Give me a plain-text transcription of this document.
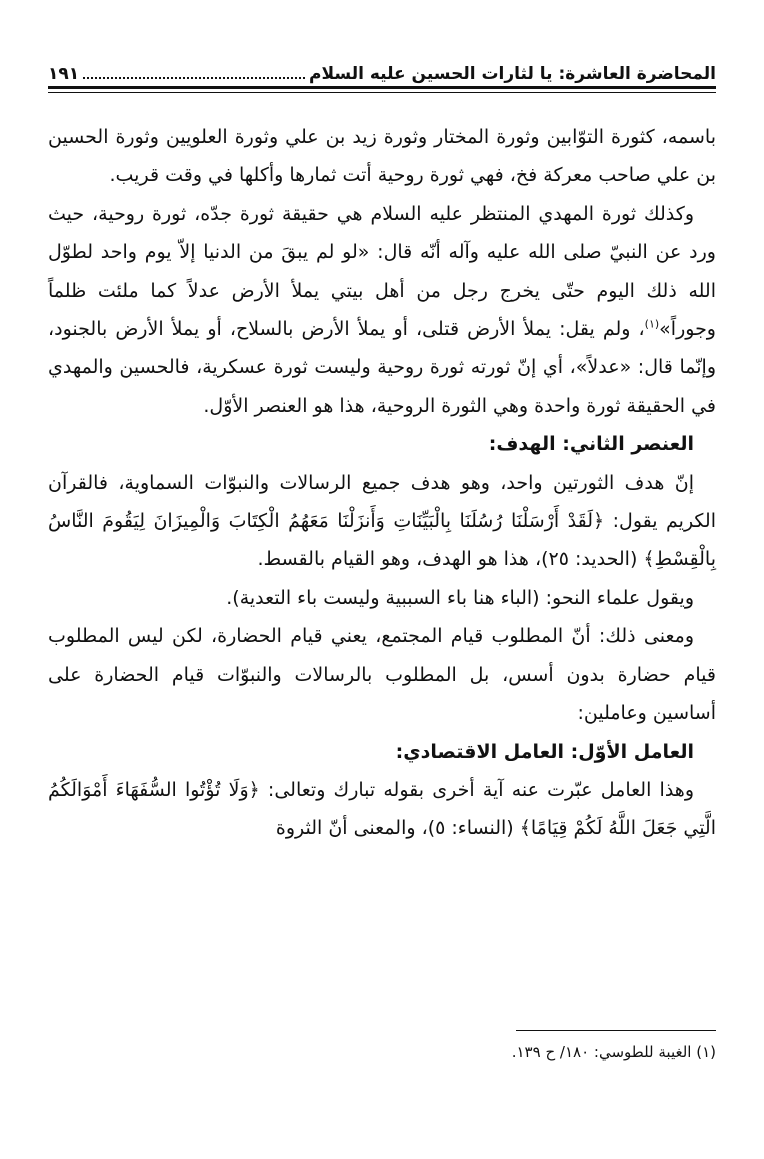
المحاضرة العاشرة: يا لثارات الحسين عليه السلام
١٩١

باسمه، كثورة التوّابين وثورة المختار وثورة زيد بن علي وثورة العلويين وثورة الحسين بن علي صاحب معركة فخ، فهي ثورة روحية أتت ثمارها وأكلها في وقت قريب.

وكذلك ثورة المهدي المنتظر عليه السلام هي حقيقة ثورة جدّه، ثورة روحية، حيث ورد عن النبيّ صلى الله عليه وآله أنّه قال: «لو لم يبقَ من الدنيا إلاّ يوم واحد لطوّل الله ذلك اليوم حتّى يخرج رجل من أهل بيتي يملأ الأرض عدلاً كما ملئت ظلماً وجوراً»$^{(١)}$، ولم يقل: يملأ الأرض قتلى، أو يملأ الأرض بالسلاح، أو يملأ الأرض بالجنود، وإنّما قال: «عدلاً»، أي إنّ ثورته ثورة روحية وليست ثورة عسكرية، فالحسين والمهدي في الحقيقة ثورة واحدة وهي الثورة الروحية، هذا هو العنصر الأوّل.

العنصر الثاني: الهدف:

إنّ هدف الثورتين واحد، وهو هدف جميع الرسالات والنبوّات السماوية، فالقرآن الكريم يقول: ﴿لَقَدْ أَرْسَلْنَا رُسُلَنَا بِالْبَيِّنَاتِ وَأَنزَلْنَا مَعَهُمُ الْكِتَابَ وَالْمِيزَانَ لِيَقُومَ النَّاسُ بِالْقِسْطِ﴾ (الحديد: ٢٥)، هذا هو الهدف، وهو القيام بالقسط.

ويقول علماء النحو: (الباء هنا باء السببية وليست باء التعدية).

ومعنى ذلك: أنّ المطلوب قيام المجتمع، يعني قيام الحضارة، لكن ليس المطلوب قيام حضارة بدون أسس، بل المطلوب بالرسالات والنبوّات قيام الحضارة على أساسين وعاملين:

العامل الأوّل: العامل الاقتصادي:

وهذا العامل عبّرت عنه آية أخرى بقوله تبارك وتعالى: ﴿وَلَا تُؤْتُوا السُّفَهَاءَ أَمْوَالَكُمُ الَّتِي جَعَلَ اللَّهُ لَكُمْ قِيَامًا﴾ (النساء: ٥)، والمعنى أنّ الثروة

(١) الغيبة للطوسي: ١٨٠/ ح ١٣٩.
